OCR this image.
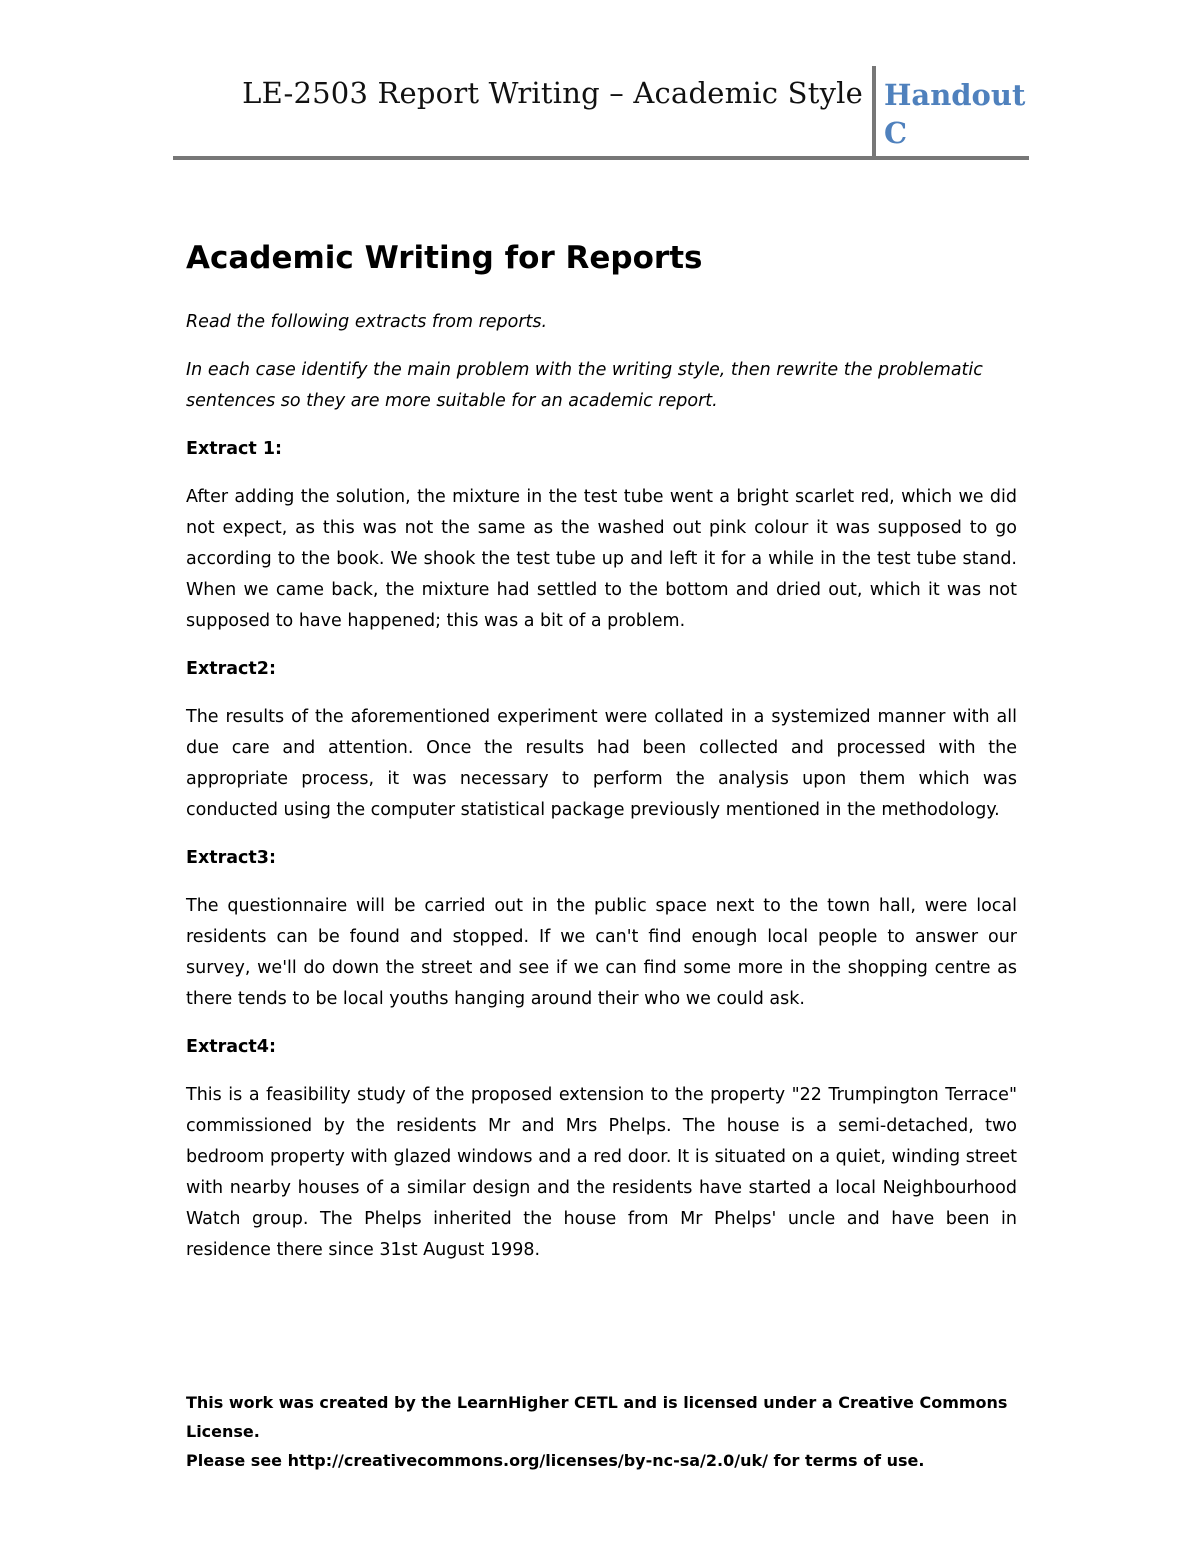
LE-2503 Report Writing – Academic Style Handout C
Academic Writing for Reports

Read the following extracts from reports.

In each case identify the main problem with the writing style, then rewrite the problematic sentences so they are more suitable for an academic report.

Extract 1:

After adding the solution, the mixture in the test tube went a bright scarlet red, which we did not expect, as this was not the same as the washed out pink colour it was supposed to go according to the book. We shook the test tube up and left it for a while in the test tube stand. When we came back, the mixture had settled to the bottom and dried out, which it was not supposed to have happened; this was a bit of a problem.

Extract2:

The results of the aforementioned experiment were collated in a systemized manner with all due care and attention. Once the results had been collected and processed with the appropriate process, it was necessary to perform the analysis upon them which was conducted using the computer statistical package previously mentioned in the methodology.

Extract3:

The questionnaire will be carried out in the public space next to the town hall, were local residents can be found and stopped. If we can't find enough local people to answer our survey, we'll do down the street and see if we can find some more in the shopping centre as there tends to be local youths hanging around their who we could ask.

Extract4:

This is a feasibility study of the proposed extension to the property "22 Trumpington Terrace" commissioned by the residents Mr and Mrs Phelps. The house is a semi-detached, two bedroom property with glazed windows and a red door. It is situated on a quiet, winding street with nearby houses of a similar design and the residents have started a local Neighbourhood Watch group. The Phelps inherited the house from Mr Phelps' uncle and have been in residence there since 31st August 1998.

This work was created by the LearnHigher CETL and is licensed under a Creative Commons License.

Please see http://creativecommons.org/licenses/by-nc-sa/2.0/uk/ for terms of use.
